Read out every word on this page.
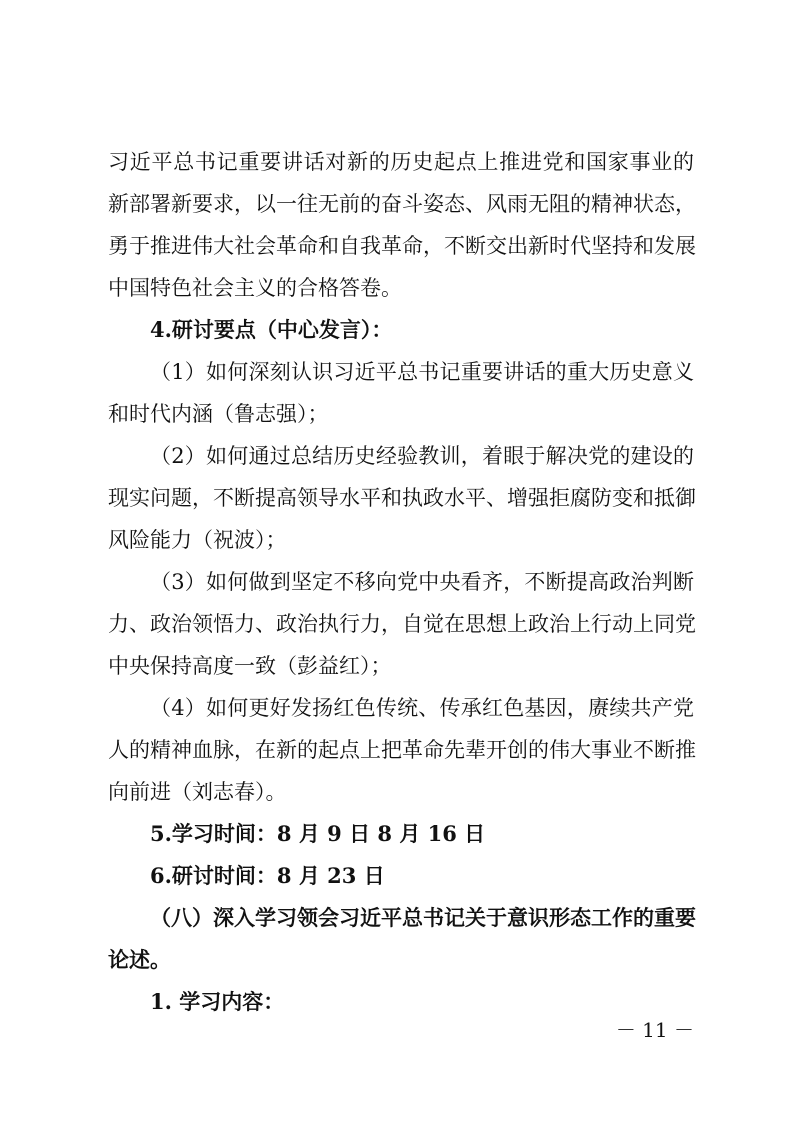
习近平总书记重要讲话对新的历史起点上推进党和国家事业的
新部署新要求，以一往无前的奋斗姿态、风雨无阻的精神状态，
勇于推进伟大社会革命和自我革命，不断交出新时代坚持和发展
中国特色社会主义的合格答卷。
4.研讨要点（中心发言）：
（1）如何深刻认识习近平总书记重要讲话的重大历史意义
和时代内涵（鲁志强）；
（2）如何通过总结历史经验教训，着眼于解决党的建设的
现实问题，不断提高领导水平和执政水平、增强拒腐防变和抵御
风险能力（祝波）；
（3）如何做到坚定不移向党中央看齐，不断提高政治判断
力、政治领悟力、政治执行力，自觉在思想上政治上行动上同党
中央保持高度一致（彭益红）；
（4）如何更好发扬红色传统、传承红色基因，赓续共产党
人的精神血脉，在新的起点上把革命先辈开创的伟大事业不断推
向前进（刘志春）。
5.学习时间：8 月 9 日 8 月 16 日
6.研讨时间：8 月 23 日
（八）深入学习领会习近平总书记关于意识形态工作的重要
论述。
1. 学习内容：
－ 11 －
